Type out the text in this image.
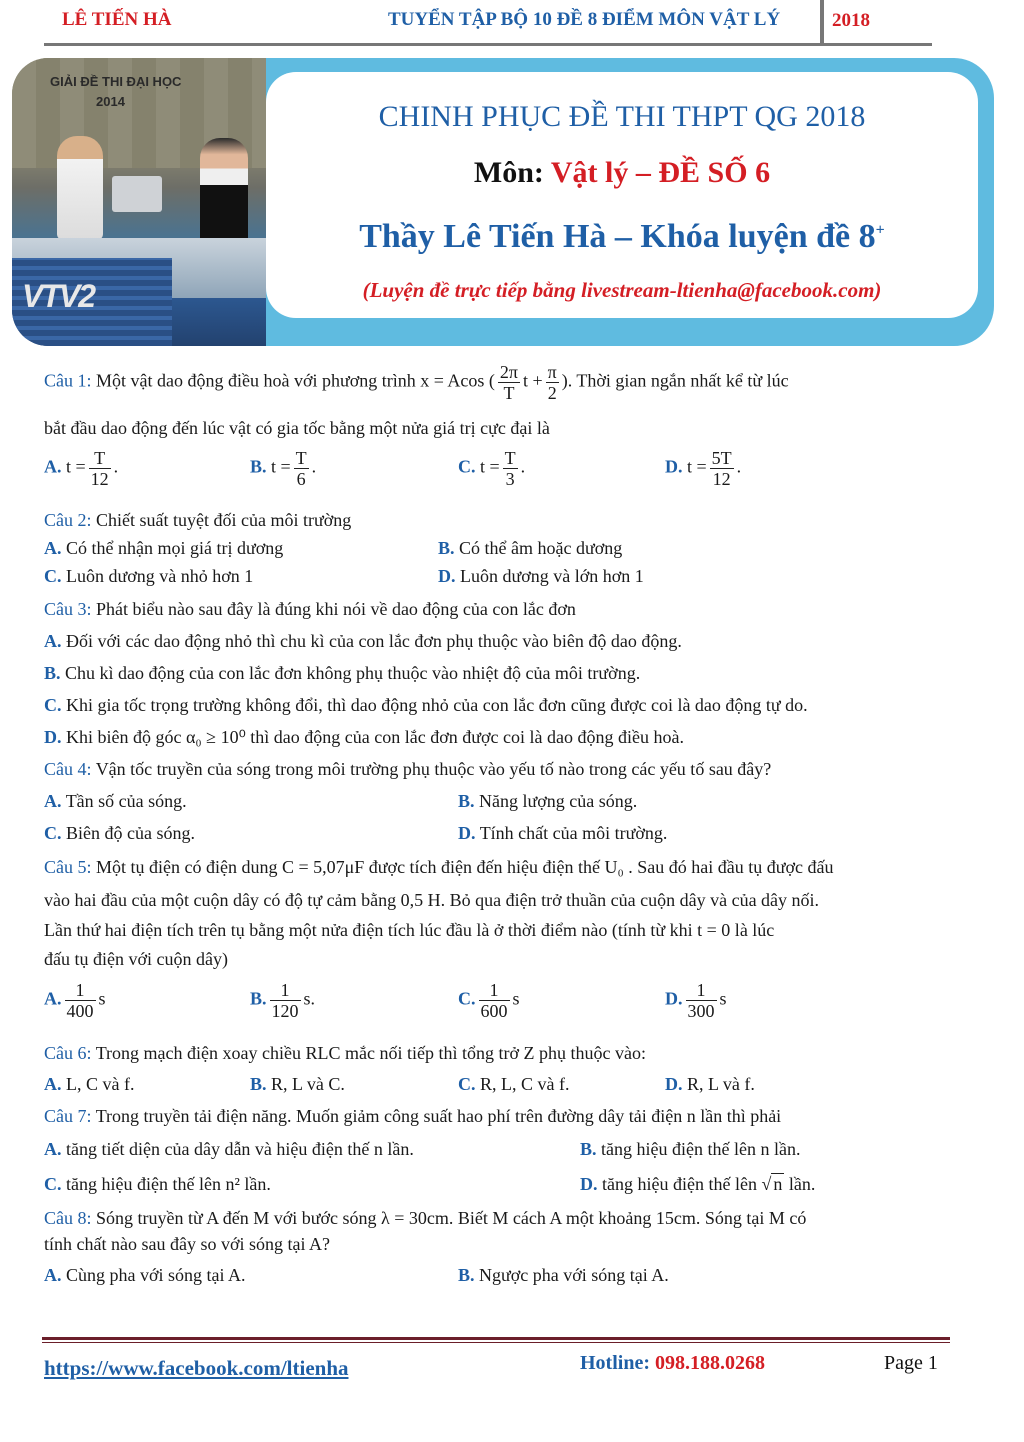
LÊ TIẾN HÀ	TUYỂN TẬP BỘ 10 ĐỀ 8 ĐIỂM MÔN VẬT LÝ	2018
GIẢI ĐỀ THI ĐẠI HỌC
2014
VTV2
CHINH PHỤC ĐỀ THI THPT QG 2018
Môn: Vật lý – ĐỀ SỐ 6
Thầy Lê Tiến Hà – Khóa luyện đề 8+
(Luyện đề trực tiếp bằng livestream-ltienha@facebook.com)
Câu 1: Một vật dao động điều hoà với phương trình x = Acos ( $\frac{2\pi}{T}$ $t + \frac{\pi}{2}$ ). Thời gian ngắn nhất kể từ lúc
bắt đầu dao động đến lúc vật có gia tốc bằng một nửa giá trị cực đại là
A. $t = \frac{T}{12}$ .	B. $t = \frac{T}{6}$ .	C. $t = \frac{T}{3}$ .	D. $t = \frac{5T}{12}$ .
Câu 2: Chiết suất tuyệt đối của môi trường
A. Có thể nhận mọi giá trị dương	B. Có thể âm hoặc dương
C. Luôn dương và nhỏ hơn 1	D. Luôn dương và lớn hơn 1
Câu 3: Phát biểu nào sau đây là đúng khi nói về dao động của con lắc đơn
A. Đối với các dao động nhỏ thì chu kì của con lắc đơn phụ thuộc vào biên độ dao động.
B. Chu kì dao động của con lắc đơn không phụ thuộc vào nhiệt độ của môi trường.
C. Khi gia tốc trọng trường không đổi, thì dao động nhỏ của con lắc đơn cũng được coi là dao động tự do.
D. Khi biên độ góc α₀ ≥ 10⁰ thì dao động của con lắc đơn được coi là dao động điều hoà.
Câu 4: Vận tốc truyền của sóng trong môi trường phụ thuộc vào yếu tố nào trong các yếu tố sau đây?
A. Tần số của sóng.	B. Năng lượng của sóng.
C. Biên độ của sóng.	D. Tính chất của môi trường.
Câu 5: Một tụ điện có điện dung C = 5,07μF được tích điện đến hiệu điện thế U₀ . Sau đó hai đầu tụ được đấu
vào hai đầu của một cuộn dây có độ tự cảm bằng 0,5 H. Bỏ qua điện trở thuần của cuộn dây và của dây nối.
Lần thứ hai điện tích trên tụ bằng một nửa điện tích lúc đầu là ở thời điểm nào (tính từ khi t = 0 là lúc
đấu tụ điện với cuộn dây)
A. $\frac{1}{400}$ s	B. $\frac{1}{120} s$.	C. $\frac{1}{600}$ s	D. $\frac{1}{300}$ s
Câu 6: Trong mạch điện xoay chiều RLC mắc nối tiếp thì tổng trở Z phụ thuộc vào:
A. L, C và f.	B. R, L và C.	C. R, L, C và f.	D. R, L và f.
Câu 7: Trong truyền tải điện năng. Muốn giảm công suất hao phí trên đường dây tải điện n lần thì phải
A. tăng tiết diện của dây dẫn và hiệu điện thế n lần.	B. tăng hiệu điện thế lên n lần.
C. tăng hiệu điện thế lên n² lần.	D. tăng hiệu điện thế lên √ n lần.
Câu 8: Sóng truyền từ A đến M với bước sóng λ = 30cm. Biết M cách A một khoảng 15cm. Sóng tại M có
tính chất nào sau đây so với sóng tại A?
A. Cùng pha với sóng tại A.	B. Ngược pha với sóng tại A.
https://www.facebook.com/ltienha	Hotline: 098.188.0268	Page 1
